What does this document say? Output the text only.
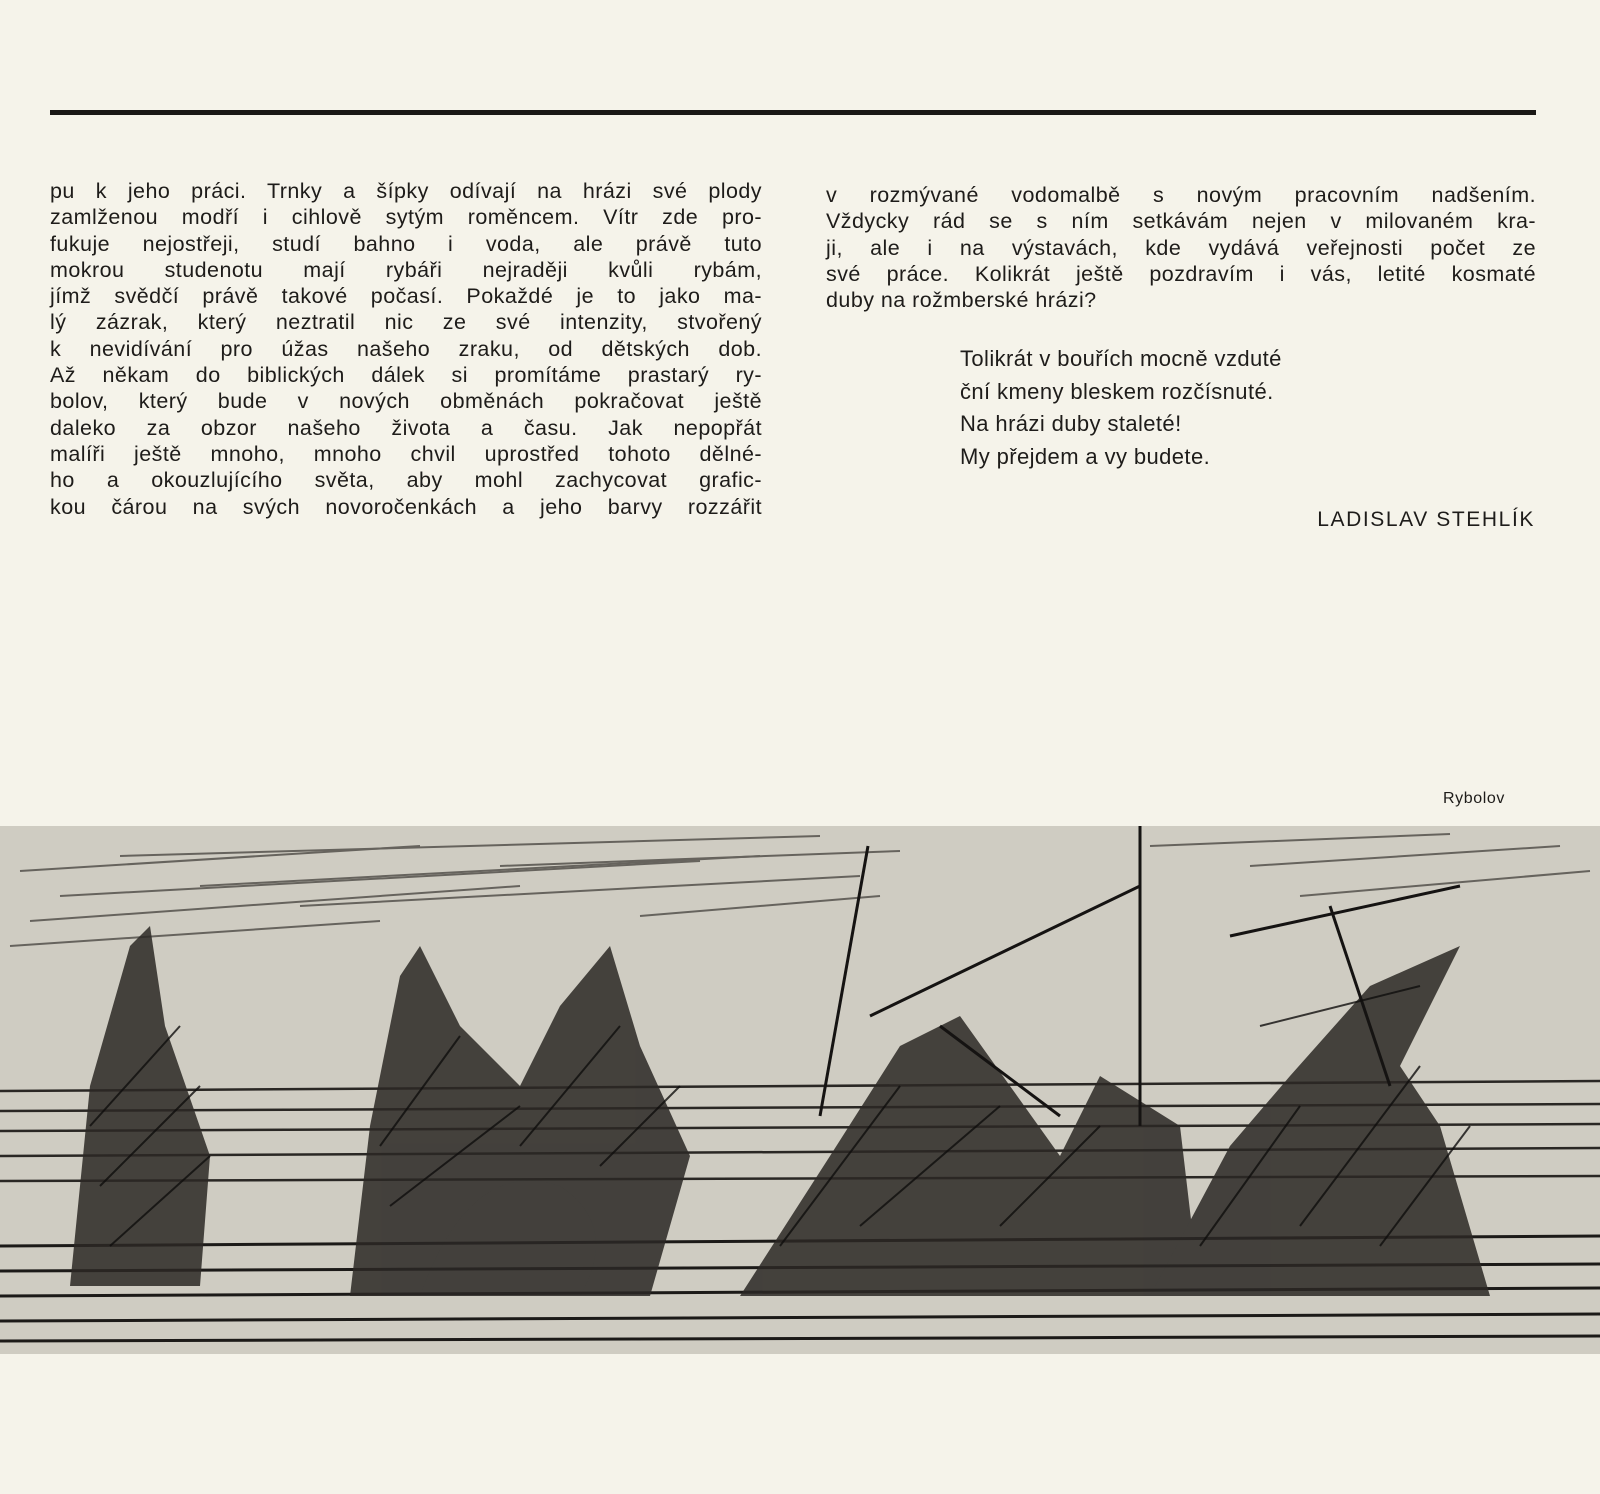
pu k jeho práci. Trnky a šípky odívají na hrázi své plody
zamlženou modří i cihlově sytým roměncem. Vítr zde pro-
fukuje nejostřeji, studí bahno i voda, ale právě tuto
mokrou studenotu mají rybáři nejraději kvůli rybám,
jímž svědčí právě takové počasí. Pokaždé je to jako ma-
lý zázrak, který neztratil nic ze své intenzity, stvořený
k nevidívání pro úžas našeho zraku, od dětských dob.
Až někam do biblických dálek si promítáme prastarý ry-
bolov, který bude v nových obměnách pokračovat ještě
daleko za obzor našeho života a času. Jak nepopřát
malíři ještě mnoho, mnoho chvil uprostřed tohoto dělné-
ho a okouzlujícího světa, aby mohl zachycovat grafic-
kou čárou na svých novoročenkách a jeho barvy rozzářit
v rozmývané vodomalbě s novým pracovním nadšením.
Vždycky rád se s ním setkávám nejen v milovaném kra-
ji, ale i na výstavách, kde vydává veřejnosti počet ze
své práce. Kolikrát ještě pozdravím i vás, letité kosmaté
duby na rožmberské hrázi?
Tolikrát v bouřích mocně vzduté
ční kmeny bleskem rozčísnuté.
Na hrázi duby staleté!
My přejdem a vy budete.
LADISLAV STEHLÍK
Rybolov
